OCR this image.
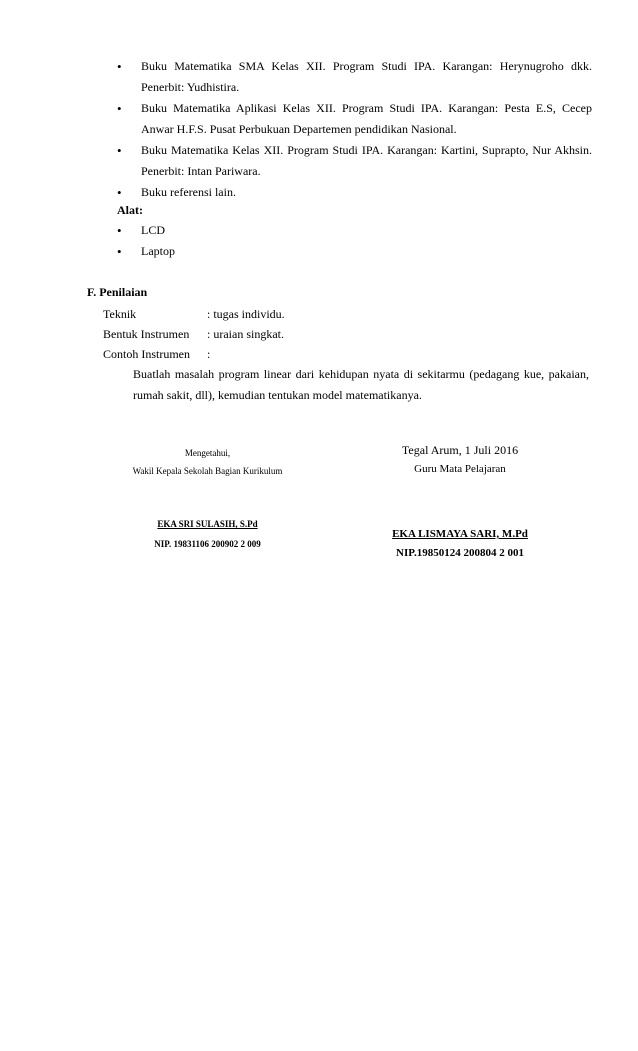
•	Buku Matematika SMA Kelas XII. Program Studi IPA. Karangan: Herynugroho dkk. Penerbit: Yudhistira.
•	Buku Matematika Aplikasi Kelas XII. Program Studi IPA. Karangan: Pesta E.S, Cecep Anwar H.F.S. Pusat Perbukuan Departemen pendidikan Nasional.
•	Buku Matematika Kelas XII. Program Studi IPA. Karangan: Kartini, Suprapto, Nur Akhsin. Penerbit: Intan Pariwara.
•	Buku referensi lain.
Alat:
•	LCD
•	Laptop
F. Penilaian
Teknik	: tugas individu.
Bentuk Instrumen : uraian singkat.
Contoh Instrumen :
Buatlah masalah program linear dari kehidupan nyata di sekitarmu (pedagang kue, pakaian, rumah sakit, dll), kemudian tentukan model matematikanya.
Mengetahui,
Wakil Kepala Sekolah Bagian Kurikulum
EKA SRI SULASIH, S.Pd
NIP. 19831106 200902 2 009
Tegal Arum, 1 Juli 2016
Guru Mata Pelajaran
EKA LISMAYA SARI, M.Pd
NIP.19850124 200804 2 001
